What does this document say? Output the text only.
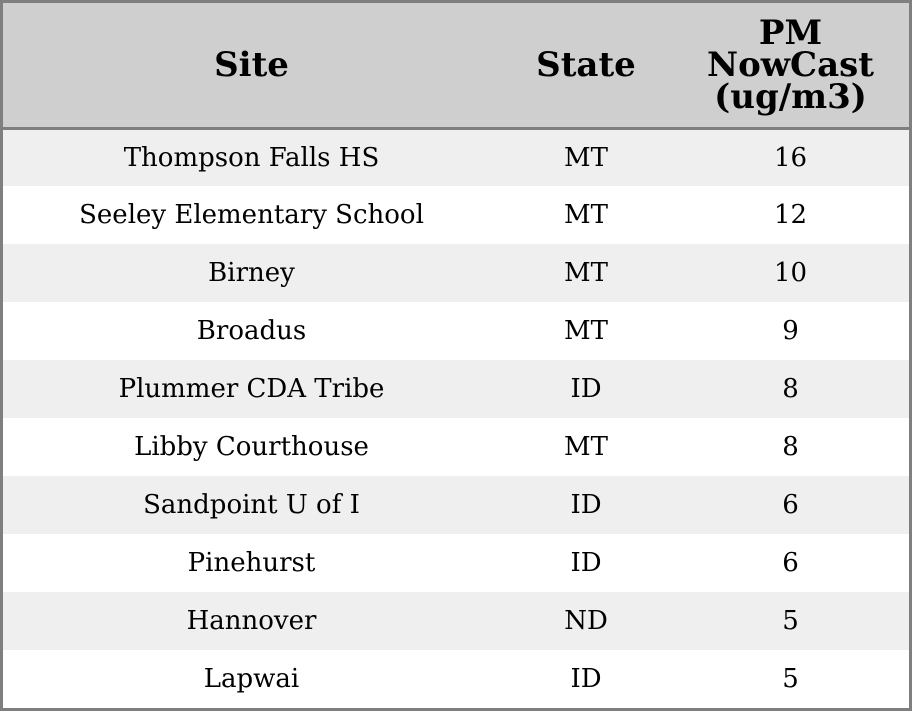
Site	State	PM
NowCast
(ug/m3)
Thompson Falls HS	MT	16
Seeley Elementary School	MT	12
Birney	MT	10
Broadus	MT	9
Plummer CDA Tribe	ID	8
Libby Courthouse	MT	8
Sandpoint U of I	ID	6
Pinehurst	ID	6
Hannover	ND	5
Lapwai	ID	5
